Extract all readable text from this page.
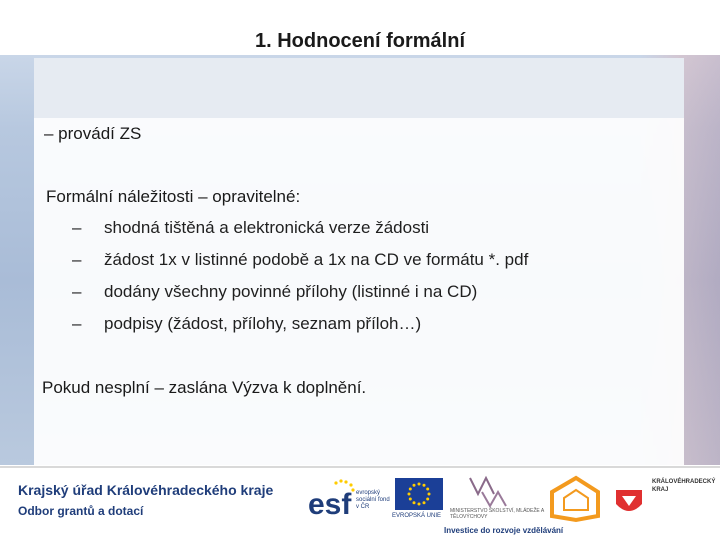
1. Hodnocení formální
– provádí ZS
Formální náležitosti – opravitelné:
– shodná tištěná a elektronická verze žádosti
– žádost 1x v listinné podobě a 1x na CD ve formátu *. pdf
– dodány všechny povinné přílohy (listinné i na CD)
– podpisy (žádost, přílohy, seznam příloh…)
Pokud nesplní – zaslána Výzva k doplnění.
Krajský úřad Královéhradeckého kraje
Odbor grantů a dotací	esf evropský sociální fond v ČR
EVROPSKÁ UNIE
MINISTERSTVO ŠKOLSTVÍ, MLÁDEŽE A TĚLOVÝCHOVY
Investice do rozvoje vzdělávání
KRÁLOVÉHRADECKÝ KRAJ
